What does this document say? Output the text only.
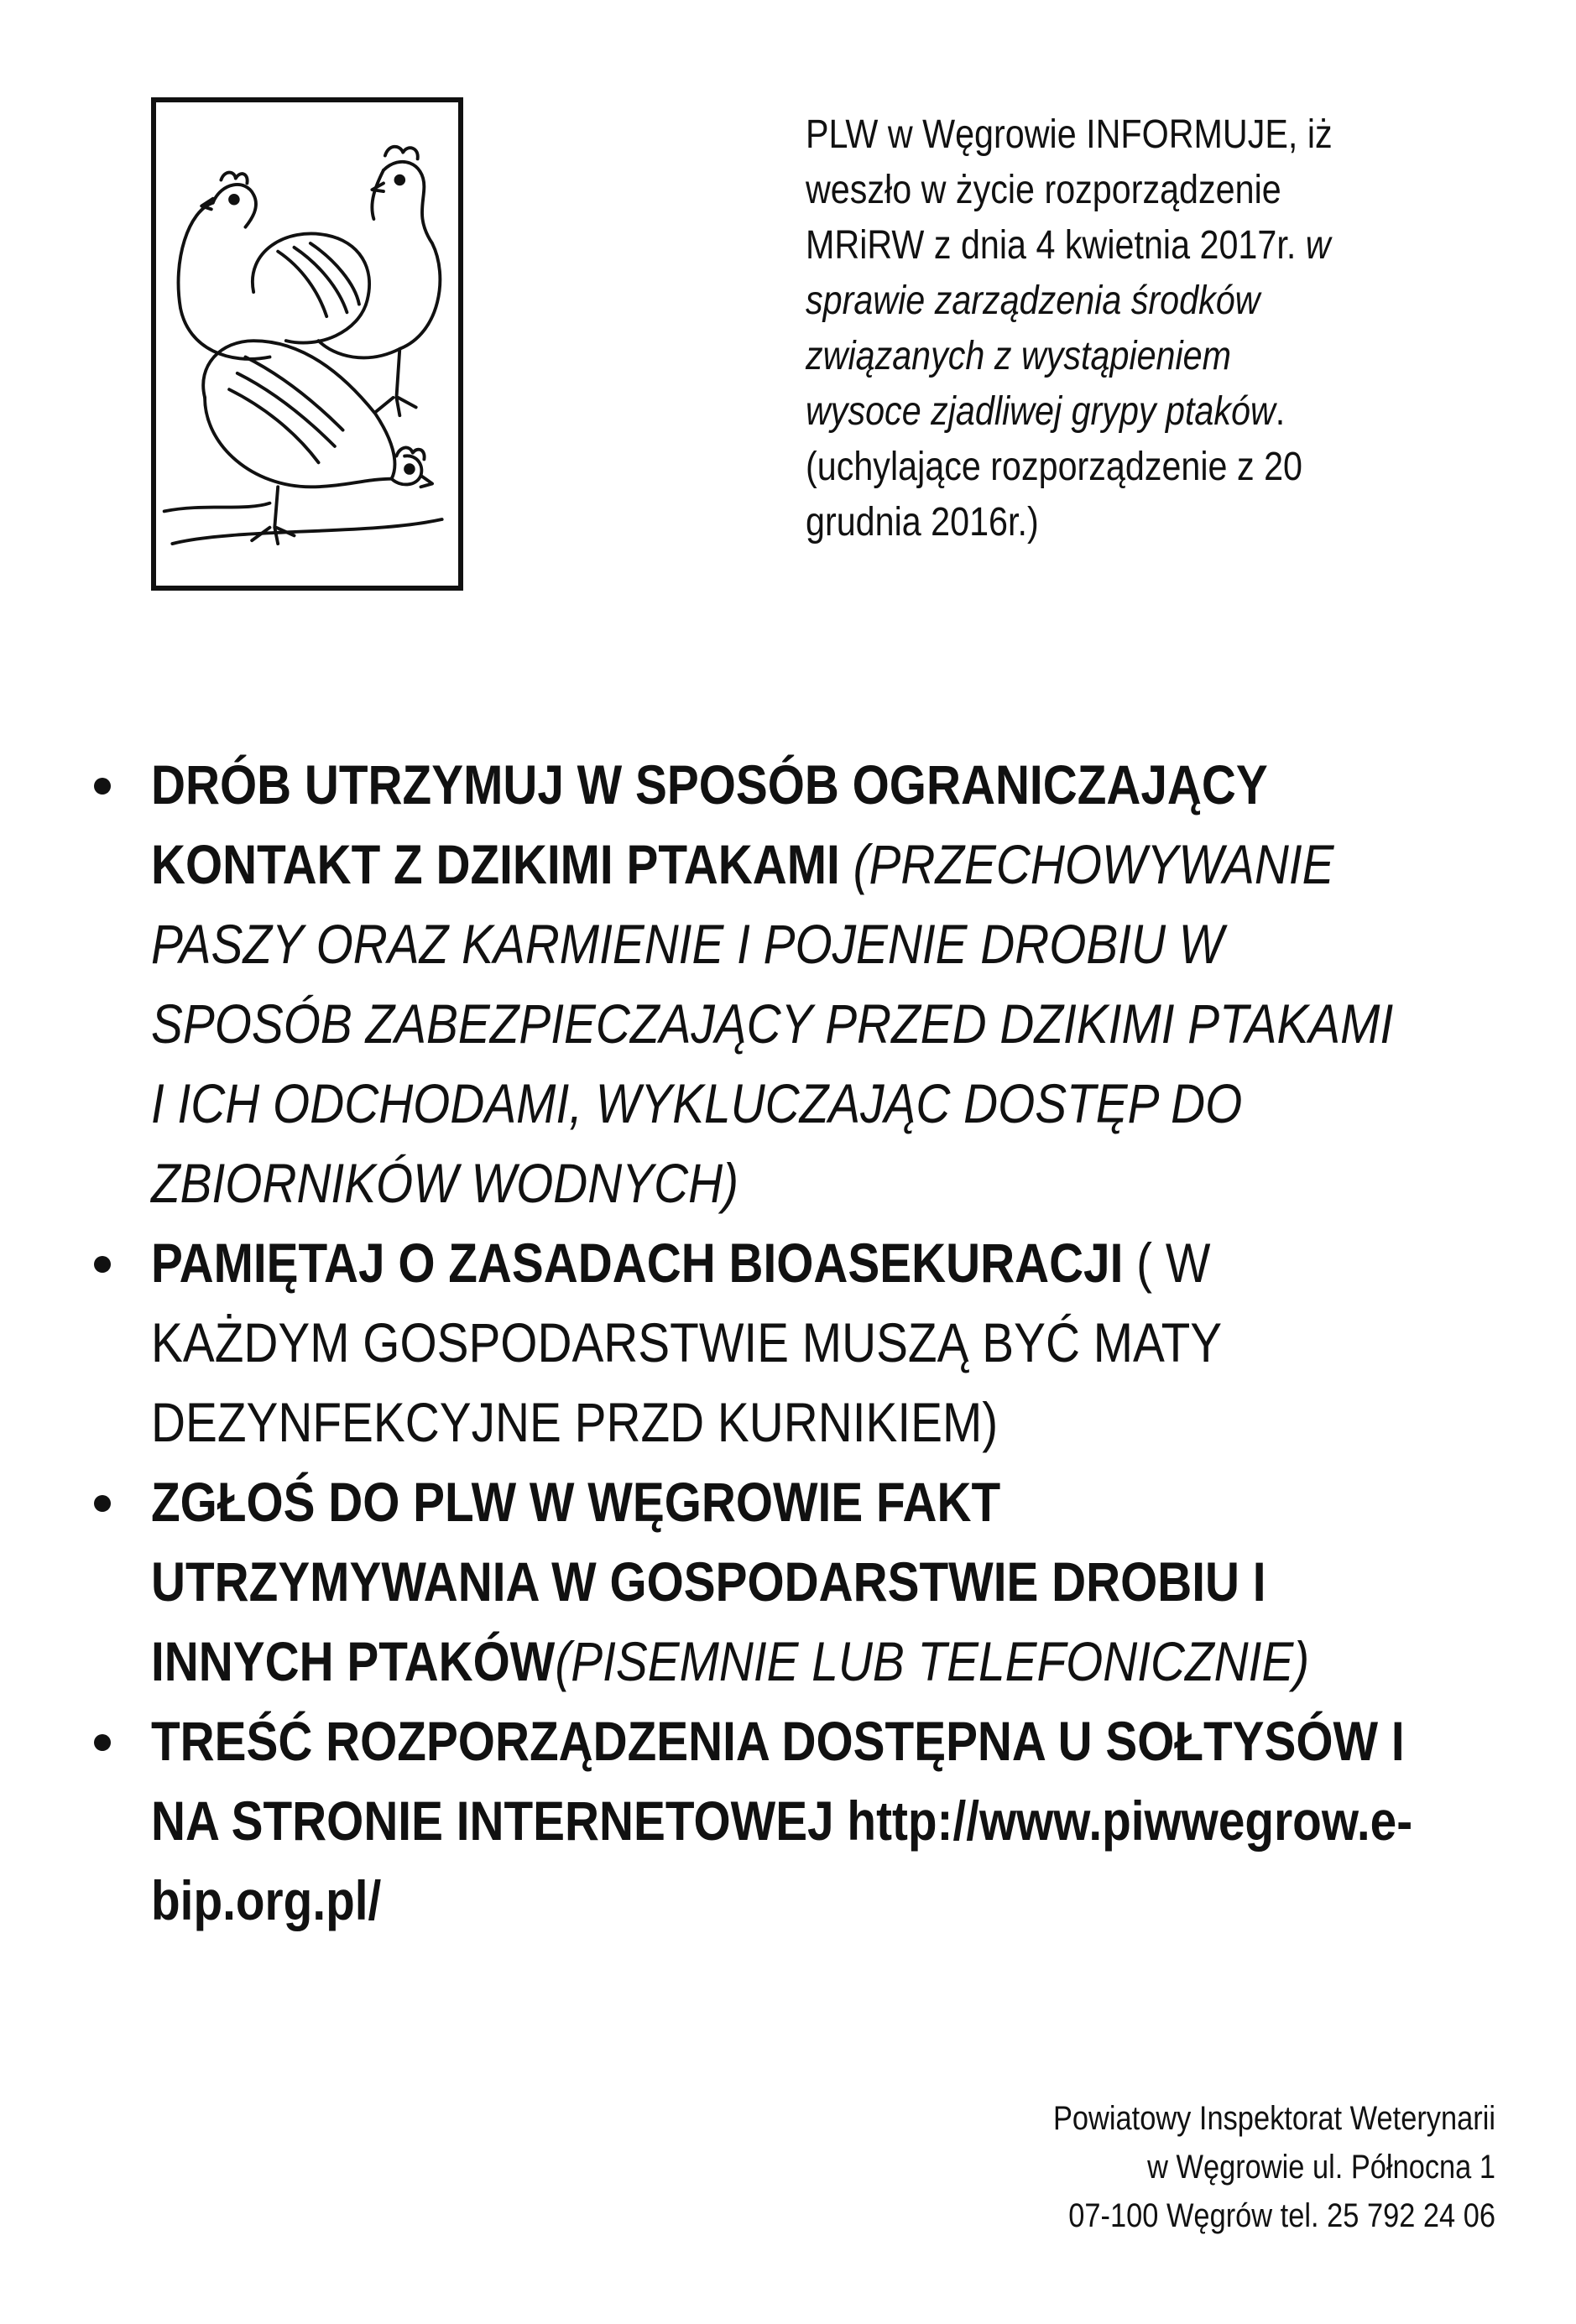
PLW w Węgrowie INFORMUJE, iż
weszło w życie rozporządzenie
MRiRW z dnia 4 kwietnia 2017r. w
sprawie zarządzenia środków
związanych z wystąpieniem
wysoce zjadliwej grypy ptaków.
(uchylające rozporządzenie z 20
grudnia 2016r.)
DRÓB UTRZYMUJ W SPOSÓB OGRANICZAJĄCY
KONTAKT Z DZIKIMI PTAKAMI (PRZECHOWYWANIE
PASZY ORAZ KARMIENIE I POJENIE DROBIU W
SPOSÓB ZABEZPIECZAJĄCY PRZED DZIKIMI PTAKAMI
I ICH ODCHODAMI, WYKLUCZAJĄC DOSTĘP DO
ZBIORNIKÓW WODNYCH)
PAMIĘTAJ O ZASADACH BIOASEKURACJI ( W
KAŻDYM GOSPODARSTWIE MUSZĄ BYĆ MATY
DEZYNFEKCYJNE PRZD KURNIKIEM)
ZGŁOŚ DO PLW W WĘGROWIE FAKT
UTRZYMYWANIA W GOSPODARSTWIE DROBIU I
INNYCH PTAKÓW(PISEMNIE LUB TELEFONICZNIE)
TREŚĆ ROZPORZĄDZENIA DOSTĘPNA U SOŁTYSÓW I
NA STRONIE INTERNETOWEJ http://www.piwwegrow.e-
bip.org.pl/
Powiatowy Inspektorat Weterynarii
w Węgrowie ul. Północna 1
07-100 Węgrów tel. 25 792 24 06
